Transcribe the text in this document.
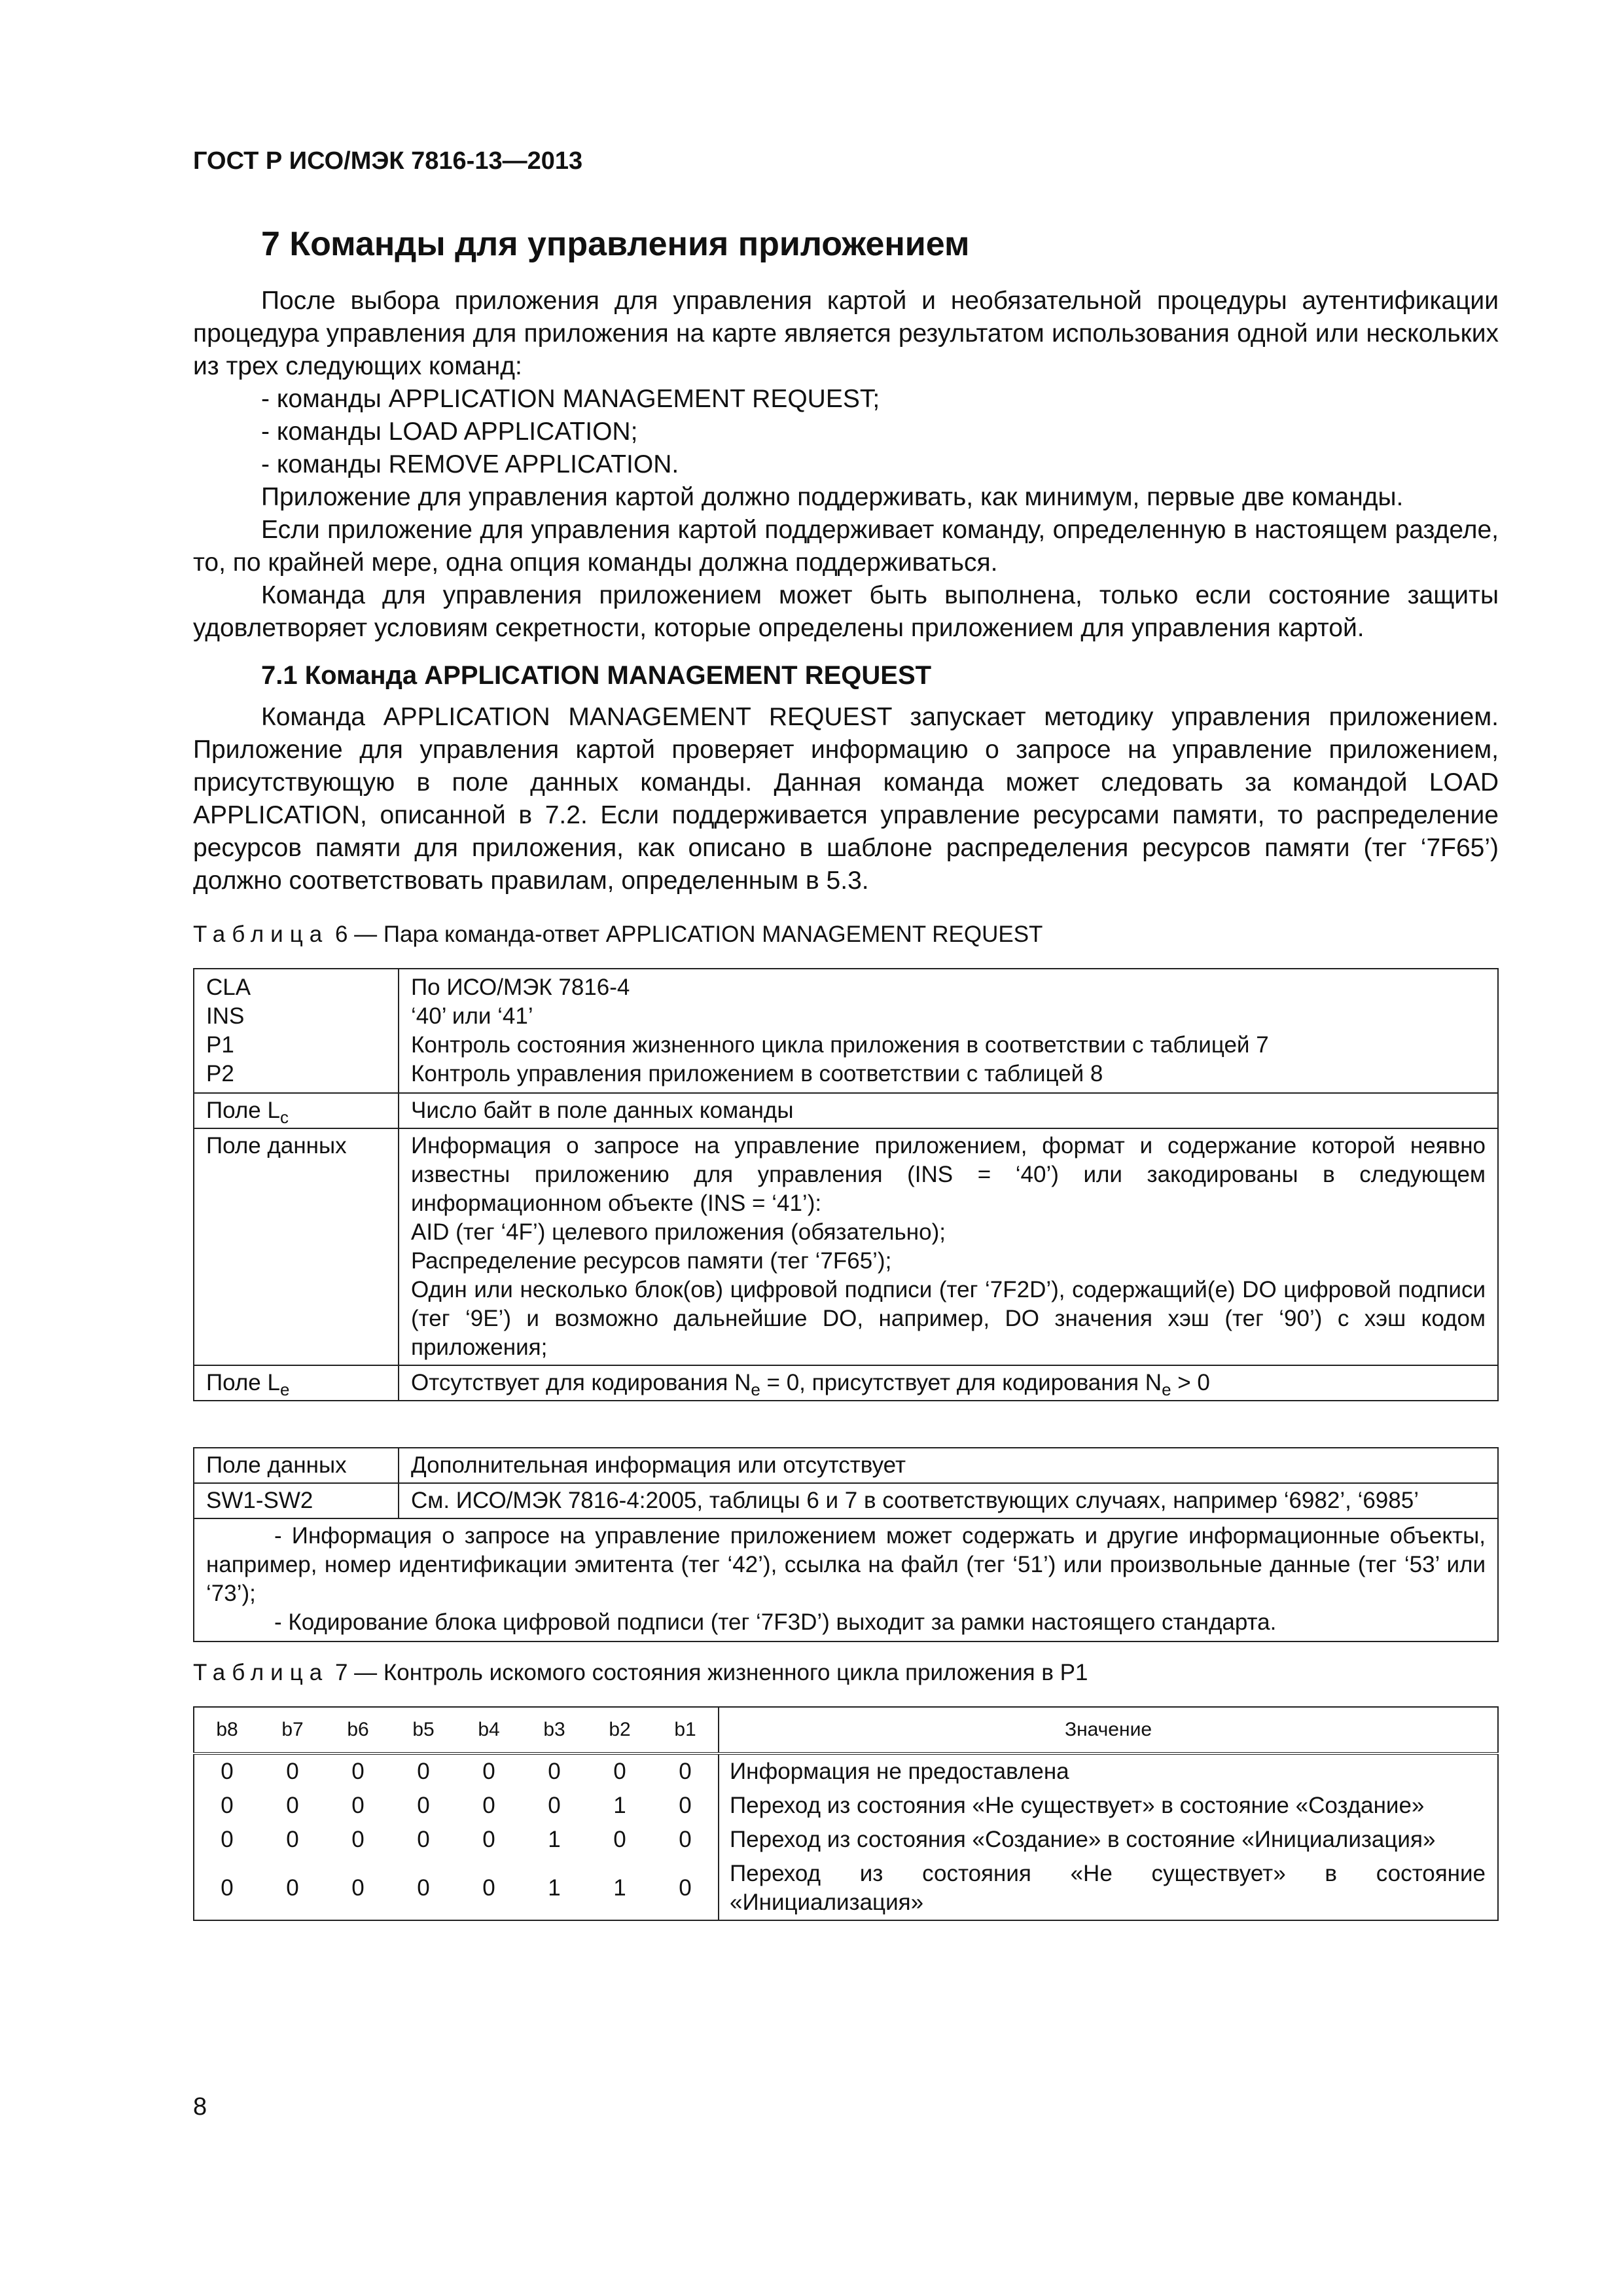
ГОСТ Р ИСО/МЭК 7816-13—2013
7 Команды для управления приложением

После выбора приложения для управления картой и необязательной процедуры аутентификации процедура управления для приложения на карте является результатом использования одной или нескольких из трех следующих команд:

- команды APPLICATION MANAGEMENT REQUEST;

- команды LOAD APPLICATION;

- команды REMOVE APPLICATION.

Приложение для управления картой должно поддерживать, как минимум, первые две команды.

Если приложение для управления картой поддерживает команду, определенную в настоящем разделе, то, по крайней мере, одна опция команды должна поддерживаться.

Команда для управления приложением может быть выполнена, только если состояние защиты удовлетворяет условиям секретности, которые определены приложением для управления картой.

7.1 Команда APPLICATION MANAGEMENT REQUEST

Команда APPLICATION MANAGEMENT REQUEST запускает методику управления приложением. Приложение для управления картой проверяет информацию о запросе на управление приложением, присутствующую в поле данных команды. Данная команда может следовать за командой LOAD APPLICATION, описанной в 7.2. Если поддерживается управление ресурсами памяти, то распределение ресурсов памяти для приложения, как описано в шаблоне распределения ресурсов памяти (тег ‘7F65’) должно соответствовать правилам, определенным в 5.3.

Таблица 6 — Пара команда-ответ APPLICATION MANAGEMENT REQUEST
CLA	По ИСО/МЭК 7816-4
INS	‘40’ или ‘41’
P1	Контроль состояния жизненного цикла приложения в соответствии с таблицей 7
P2	Контроль управления приложением в соответствии с таблицей 8
Поле $L_c$	Число байт в поле данных команды
Поле данных	Информация о запросе на управление приложением, формат и содержание которой неявно известны приложению для управления (INS = ‘40’) или закодированы в следующем информационном объекте (INS = ‘41’):
AID (тег ‘4F’) целевого приложения (обязательно);
Распределение ресурсов памяти (тег ‘7F65’);
Один или несколько блок(ов) цифровой подписи (тег ‘7F2D’), содержащий(е) DO цифровой подписи (тег ‘9E’) и возможно дальнейшие DO, например, DO значения хэш (тег ‘90’) с хэш кодом приложения;

Поле $L_e$	Отсутствует для кодирования $N_e = 0$, присутствует для кодирования $N_e > 0$
Поле данных	Дополнительная информация или отсутствует
SW1-SW2	См. ИСО/МЭК 7816-4:2005, таблицы 6 и 7 в соответствующих случаях, например ‘6982’, ‘6985’

- Информация о запросе на управление приложением может содержать и другие информационные объекты, например, номер идентификации эмитента (тег ‘42’), ссылка на файл (тег ‘51’) или произвольные данные (тег ‘53’ или ‘73’);

- Кодирование блока цифровой подписи (тег ‘7F3D’) выходит за рамки настоящего стандарта.	

Таблица 7 — Контроль искомого состояния жизненного цикла приложения в P1
b8	b7	b6	b5	b4	b3	b2	b1	Значение
0	0	0	0	0	0	0	0	Информация не предоставлена
0	0	0	0	0	0	1	0	Переход из состояния «Не существует» в состояние «Создание»
0	0	0	0	0	1	0	0	Переход из состояния «Создание» в состояние «Инициализация»
0	0	0	0	0	1	1	0	Переход из состояния «Не существует» в состояние «Инициализация»
8
